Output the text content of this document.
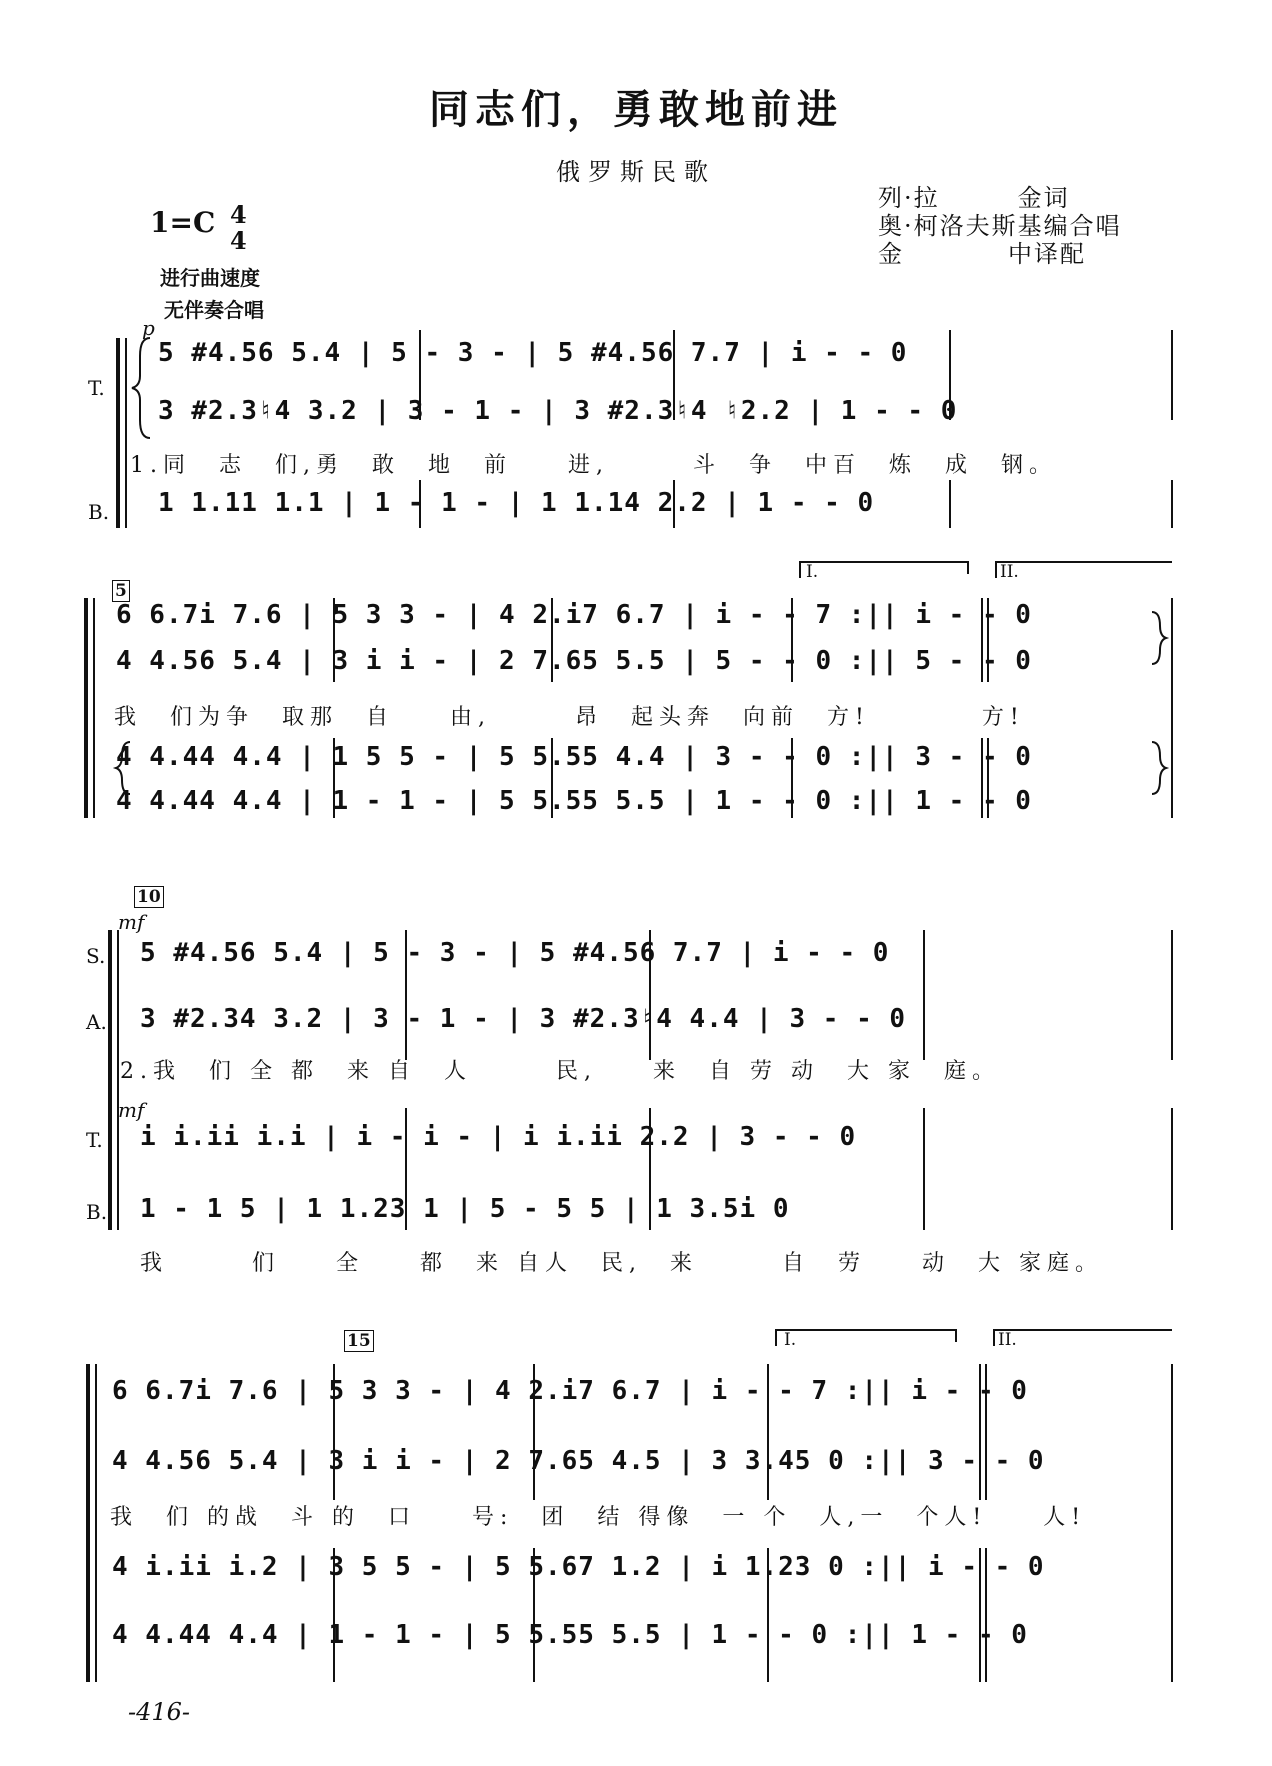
同志们，勇敢地前进
俄罗斯民歌
列·拉　　　金词
奥·柯洛夫斯基编合唱
金　　　　中译配
1=C 4
4
进行曲速度
无伴奏合唱
p
T.
B.
5 #4.56 5.4 | 5 - 3 - | 5 #4.56 7.7 | i - - 0
3 #2.3♮4 3.2 | 3 - 1 - | 3 #2.3♮4 ♮2.2 | 1 - - 0
1.同　志　们,勇　敢　地　前　　进,　　　斗　争　中百　炼　成　钢。
1 1.11 1.1 | 1 - 1 - | 1 1.14 2.2 | 1 - - 0
5
I.	II.
6 6.7i 7.6 | 5 3 3 - | 4 2.i7 6.7 | i - - 7 :|| i - - 0
4 4.56 5.4 | 3 i i - | 2 7.65 5.5 | 5 - - 0 :|| 5 - - 0
我　们为争　取那　自　　由,　　　昂　起头奔　向前　方!　　　　方!
4 4.44 4.4 | 1 5 5 - | 5 5.55 4.4 | 3 - - 0 :|| 3 - - 0
4 4.44 4.4 | 1 - 1 - | 5 5.55 5.5 | 1 - - 0 :|| 1 - - 0
10
mf
S.
A.
T.
B.
5 #4.56 5.4 | 5 - 3 - | 5 #4.56 7.7 | i - - 0
3 #2.34 3.2 | 3 - 1 - | 3 #2.3♮4 4.4 | 3 - - 0
2.我　们 全 都　来 自　人　　　民,　　来　自 劳 动　大 家　庭。
mf
i i.ii i.i | i - i - | i i.ii 2.2 | 3 - - 0
1 - 1 5 | 1 1.23 1 | 5 - 5 5 | 1 3.5i 0
我　　　们　　全　　都　来 自人　民,　来　　　自　劳　　动　大 家庭。
15	I.	II.
6 6.7i 7.6 | 5 3 3 - | 4 2.i7 6.7 | i - - 7 :|| i - - 0
4 4.56 5.4 | 3 i i - | 2 7.65 4.5 | 3 3.45 0 :|| 3 - - 0
我　们 的战　斗 的　口　　号:　团　结 得像　一 个　人,一　个人!　　人!
4 i.ii i.2 | 3 5 5 - | 5 5.67 1.2 | i 1.23 0 :|| i - - 0
4 4.44 4.4 | 1 - 1 - | 5 5.55 5.5 | 1 - - 0 :|| 1 - - 0
-416-
